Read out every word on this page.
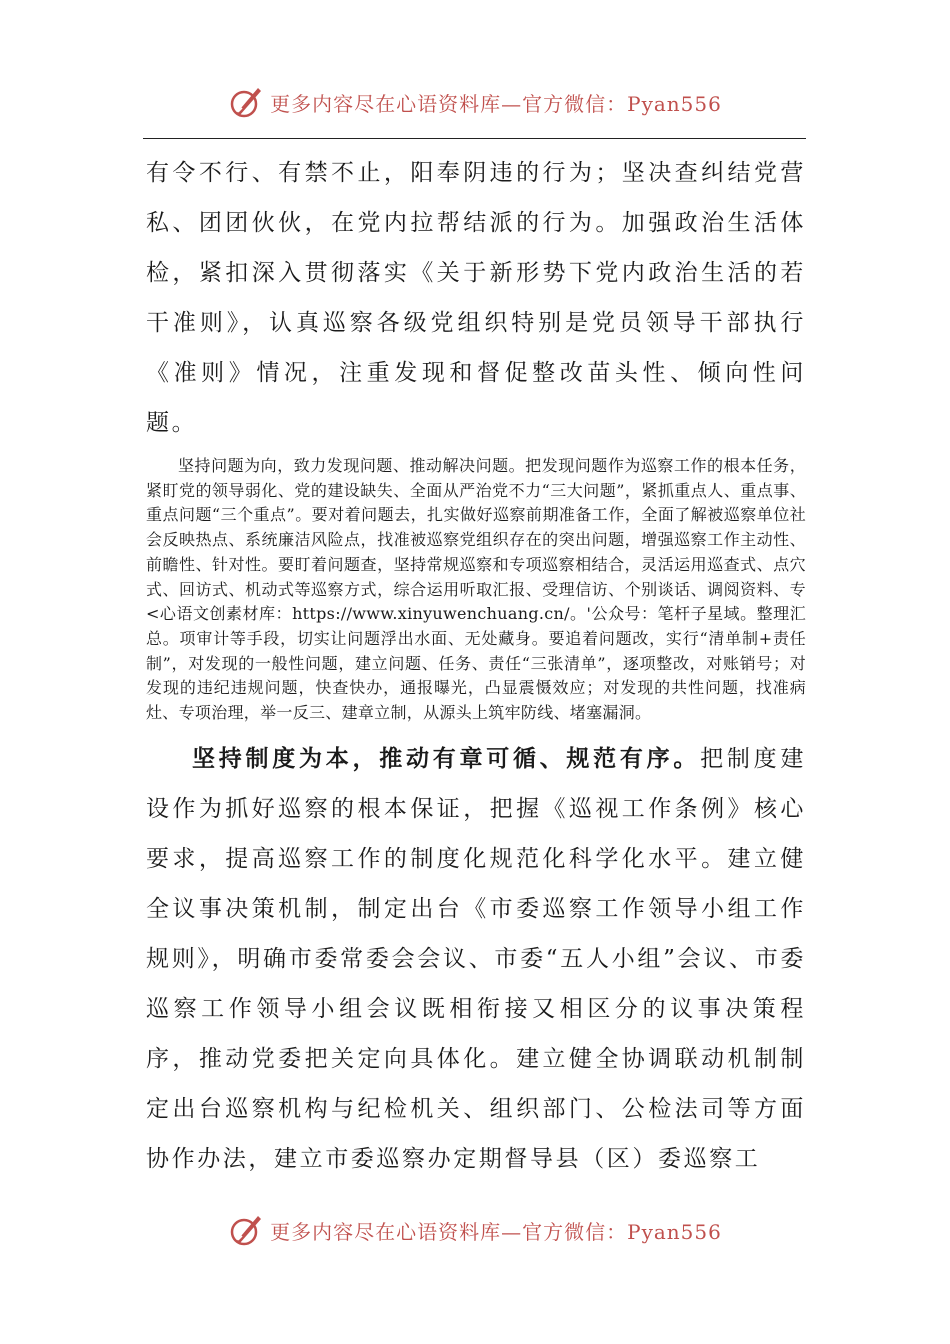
更多内容尽在心语资料库—官方微信：Pyan556

有令不行、有禁不止，阳奉阴违的行为；坚决查纠结党营私、团团伙伙，在党内拉帮结派的行为。加强政治生活体检，紧扣深入贯彻落实《关于新形势下党内政治生活的若干准则》，认真巡察各级党组织特别是党员领导干部执行《准则》情况，注重发现和督促整改苗头性、倾向性问题。

坚持问题为向，致力发现问题、推动解决问题。把发现问题作为巡察工作的根本任务，紧盯党的领导弱化、党的建设缺失、全面从严治党不力“三大问题”，紧抓重点人、重点事、重点问题“三个重点”。要对着问题去，扎实做好巡察前期准备工作，全面了解被巡察单位社会反映热点、系统廉洁风险点，找准被巡察党组织存在的突出问题，增强巡察工作主动性、前瞻性、针对性。要盯着问题查，坚持常规巡察和专项巡察相结合，灵活运用巡查式、点穴式、回访式、机动式等巡察方式，综合运用听取汇报、受理信访、个别谈话、调阅资料、专<心语文创素材库：https://www.xinyuwenchuang.cn/。'公众号：笔杆子星域。整理汇总。项审计等手段，切实让问题浮出水面、无处藏身。要追着问题改，实行“清单制+责任制”，对发现的一般性问题，建立问题、任务、责任“三张清单”，逐项整改，对账销号；对发现的违纪违规问题，快查快办，通报曝光，凸显震慑效应；对发现的共性问题，找准病灶、专项治理，举一反三、建章立制，从源头上筑牢防线、堵塞漏洞。

坚持制度为本，推动有章可循、规范有序。把制度建设作为抓好巡察的根本保证，把握《巡视工作条例》核心要求，提高巡察工作的制度化规范化科学化水平。建立健全议事决策机制，制定出台《市委巡察工作领导小组工作规则》，明确市委常委会会议、市委“五人小组”会议、市委巡察工作领导小组会议既相衔接又相区分的议事决策程序，推动党委把关定向具体化。建立健全协调联动机制制定出台巡察机构与纪检机关、组织部门、公检法司等方面协作办法，建立市委巡察办定期督导县（区）委巡察工

更多内容尽在心语资料库—官方微信：Pyan556
